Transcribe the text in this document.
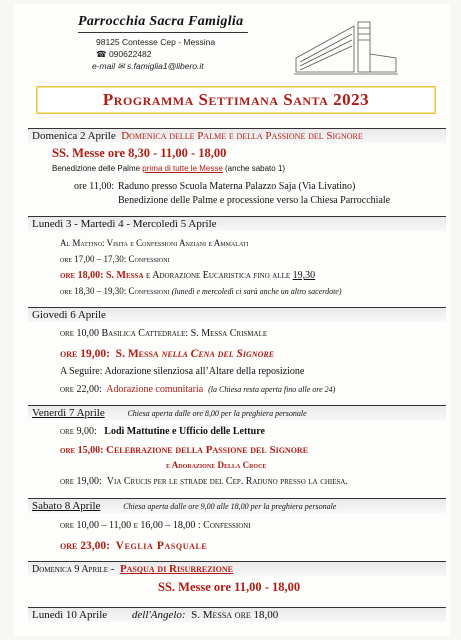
Parrocchia Sacra Famiglia
98125 Contesse Cep - Messina
☎ 090622482
e-mail ✉ s.famiglia1@libero.it
Programma Settimana Santa 2023
Domenica 2 Aprile Domenica delle Palme e della Passione del Signore
SS. Messe ore 8,30 - 11,00 - 18,00
Benedizione delle Palme prima di tutte le Messe (anche sabato 1)
ore 11,00: Raduno presso Scuola Materna Palazzo Saja (Via Livatino)
Benedizione delle Palme e processione verso la Chiesa Parrocchiale
Lunedì 3 - Martedì 4 - Mercoledì 5 Aprile
Al Mattino: Visita e Confessioni Anziani e Ammalati
ore 17,00 – 17,30: Confessioni
ore 18,00: S. Messa e Adorazione Eucaristica fino alle 19,30
ore 18,30 – 19,30: Confessioni (lunedì e mercoledì ci sarà anche un altro sacerdote)
Giovedì 6 Aprile
ore 10,00 Basilica Cattedrale: S. Messa Crismale
ore 19,00: S. Messa nella Cena del Signore
A Seguire: Adorazione silenziosa all’Altare della reposizione
ore 22,00: Adorazione comunitaria (la Chiesa resta aperta fino alle ore 24)
Venerdì 7 Aprile	Chiesa aperta dalle ore 8,00 per la preghiera personale
ore 9,00: Lodi Mattutine e Ufficio delle Letture
ore 15,00: Celebrazione della Passione del Signore
e Adorazione Della Croce
ore 19,00: Via Crucis per le strade del Cep. Raduno presso la chiesa.
Sabato 8 Aprile	Chiesa aperta dalle ore 9,00 alle 18,00 per la preghiera personale
ore 10,00 – 11,00 e 16,00 – 18,00 : Confessioni
ore 23,00: Veglia Pasquale
Domenica 9 Aprile -  Pasqua di Risurrezione
SS. Messe ore 11,00 - 18,00
Lunedì 10 Aprile dell'Angelo: S. Messa ore 18,00
